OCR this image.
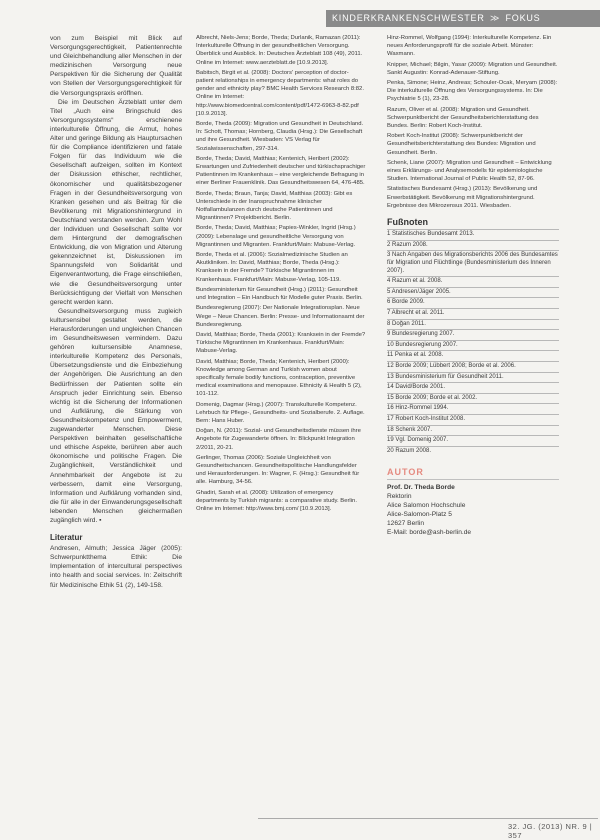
KINDERKRANKENSCHWESTER ≫ FOKUS

von zum Beispiel mit Blick auf Versorgungsgerechtigkeit, Patientenrechte und Gleichbehandlung aller Menschen in der medizinischen Versorgung neue Perspektiven für die Sicherung der Qualität von Stellen der Versorgungsgerechtigkeit für die Versorgungspraxis eröffnen.

Die im Deutschen Ärzteblatt unter dem Titel „Auch eine Bringschuld des Versorgungssystems“ erschienene interkulturelle Öffnung, die Armut, hohes Alter und geringe Bildung als Hauptursachen für die Compliance identifizieren und fatale Folgen für das Individuum wie die Gesellschaft aufzeigen, sollten im Kontext der Diskussion ethischer, rechtlicher, ökonomischer und qualitätsbezogener Fragen in der Gesundheitsversorgung von Kranken gesehen und als Beitrag für die Bevölkerung mit Migrationshintergrund in Deutschland verstanden werden. Zum Wohl der Individuen und Gesellschaft sollte vor dem Hintergrund der demografischen Entwicklung, die von Migration und Alterung gekennzeichnet ist, Diskussionen im Spannungsfeld von Solidarität und Eigenverantwortung, die Frage einschließen, wie die Gesundheitsversorgung unter Berücksichtigung der Vielfalt von Menschen gerecht werden kann.

Gesundheitsversorgung muss zugleich kultursensibel gestaltet werden, die Herausforderungen und ungleichen Chancen im Gesundheitswesen vermindern. Dazu gehören kultursensible Anamnese, interkulturelle Kompetenz des Personals, Übersetzungsdienste und die Einbeziehung der Angehörigen. Die Ausrichtung an den Bedürfnissen der Patienten sollte ein Anspruch jeder Einrichtung sein. Ebenso wichtig ist die Sicherung der Informationen und Aufklärung, die Stärkung von Gesundheitskompetenz und Empowerment, zugewanderter Menschen. Diese Perspektiven beinhalten gesellschaftliche und ethische Aspekte, berühren aber auch ökonomische und politische Fragen. Die Zugänglichkeit, Verständlichkeit und Annehmbarkeit der Angebote ist zu verbessern, damit eine Versorgung, Information und Aufklärung vorhanden sind, die für alle in der Einwanderungsgesellschaft lebenden Menschen gleichermaßen zugänglich wird. ▪

Literatur
Andresen, Almuth; Jessica Jäger (2005): Schwerpunktthema Ethik: Die Implementation of intercultural perspectives into health and social services. In: Zeitschrift für Medizinische Ethik 51 (2), 149-158.
Albrecht, Niels-Jens; Borde, Theda; Durlanik, Ramazan (2011): Interkulturelle Öffnung in der gesundheitlichen Versorgung. Überblick und Ausblick. In: Deutsches Ärzteblatt 108 (49), 2011. Online im Internet: www.aerzteblatt.de [10.9.2013].
Babitsch, Birgit et al. (2008): Doctors' perception of doctor-patient relationships in emergency departments: what roles do gender and ethnicity play? BMC Health Services Research 8:82. Online im Internet: http://www.biomedcentral.com/content/pdf/1472-6963-8-82.pdf [10.9.2013].
Borde, Theda (2009): Migration und Gesundheit in Deutschland. In: Schott, Thomas; Hornberg, Claudia (Hrsg.): Die Gesellschaft und ihre Gesundheit. Wiesbaden: VS Verlag für Sozialwissenschaften, 297-314.
Borde, Theda; David, Matthias; Kentenich, Heribert (2002): Erwartungen und Zufriedenheit deutscher und türkischsprachiger Patientinnen im Krankenhaus – eine vergleichende Befragung in einer Berliner Frauenklinik. Das Gesundheitswesen 64, 476-485.
Borde, Theda; Braun, Tanja; David, Matthias (2003): Gibt es Unterschiede in der Inanspruchnahme klinischer Notfallambulanzen durch deutsche Patientinnen und Migrantinnen? Projektbericht. Berlin.
Borde, Theda; David, Matthias; Papies-Winkler, Ingrid (Hrsg.) (2009): Lebenslage und gesundheitliche Versorgung von Migrantinnen und Migranten. Frankfurt/Main: Mabuse-Verlag.
Borde, Theda et al. (2006): Sozialmedizinische Studien an Akutkliniken. In: David, Matthias; Borde, Theda (Hrsg.): Kranksein in der Fremde? Türkische Migrantinnen im Krankenhaus. Frankfurt/Main: Mabuse-Verlag, 105-119.
Bundesministerium für Gesundheit (Hrsg.) (2011): Gesundheit und Integration – Ein Handbuch für Modelle guter Praxis. Berlin.
Bundesregierung (2007): Der Nationale Integrationsplan. Neue Wege – Neue Chancen. Berlin: Presse- und Informationsamt der Bundesregierung.
David, Matthias; Borde, Theda (2001): Kranksein in der Fremde? Türkische Migrantinnen im Krankenhaus. Frankfurt/Main: Mabuse-Verlag.
David, Matthias; Borde, Theda; Kentenich, Heribert (2000): Knowledge among German and Turkish women about specifically female bodily functions, contraception, preventive medical examinations and menopause. Ethnicity & Health 5 (2), 101-112.
Domenig, Dagmar (Hrsg.) (2007): Transkulturelle Kompetenz. Lehrbuch für Pflege-, Gesundheits- und Sozialberufe. 2. Auflage. Bern: Hans Huber.
Doğan, N. (2011): Sozial- und Gesundheitsdienste müssen ihre Angebote für Zugewanderte öffnen. In: Blickpunkt Integration 2/2011, 20-21.
Gerlinger, Thomas (2006): Soziale Ungleichheit von Gesundheitschancen. Gesundheitspolitische Handlungsfelder und Herausforderungen. In: Wagner, F. (Hrsg.): Gesundheit für alle. Hamburg, 34-56.
Ghadiri, Sarah et al. (2008): Utilization of emergency departments by Turkish migrants: a comparative study. Berlin. Online im Internet: http://www.bmj.com/ [10.9.2013].
Hinz-Rommel, Wolfgang (1994): Interkulturelle Kompetenz. Ein neues Anforderungsprofil für die soziale Arbeit. Münster: Waxmann.
Knipper, Michael; Bilgin, Yasar (2009): Migration und Gesundheit. Sankt Augustin: Konrad-Adenauer-Stiftung.
Penka, Simone; Heinz, Andreas; Schouler-Ocak, Meryam (2008): Die interkulturelle Öffnung des Versorgungssystems. In: Die Psychiatrie 5 (1), 23-28.
Razum, Oliver et al. (2008): Migration und Gesundheit. Schwerpunktbericht der Gesundheitsberichterstattung des Bundes. Berlin: Robert Koch-Institut.
Robert Koch-Institut (2008): Schwerpunktbericht der Gesundheitsberichterstattung des Bundes: Migration und Gesundheit. Berlin.
Schenk, Liane (2007): Migration und Gesundheit – Entwicklung eines Erklärungs- und Analysemodells für epidemiologische Studien. International Journal of Public Health 52, 87-96.
Statistisches Bundesamt (Hrsg.) (2013): Bevölkerung und Erwerbstätigkeit. Bevölkerung mit Migrationshintergrund. Ergebnisse des Mikrozensus 2011. Wiesbaden.
Fußnoten
1 Statistisches Bundesamt 2013.
2 Razum 2008.
3 Nach Angaben des Migrationsberichts 2006 des Bundesamtes für Migration und Flüchtlinge (Bundesministerium des Inneren 2007).
4 Razum et al. 2008.
5 Andresen/Jäger 2005.
6 Borde 2009.
7 Albrecht et al. 2011.
8 Doğan 2011.
9 Bundesregierung 2007.
10 Bundesregierung 2007.
11 Penka et al. 2008.
12 Borde 2009; Lübbert 2008; Borde et al. 2006.
13 Bundesministerium für Gesundheit 2011.
14 David/Borde 2001.
15 Borde 2009; Borde et al. 2002.
16 Hinz-Rommel 1994.
17 Robert Koch-Institut 2008.
18 Schenk 2007.
19 Vgl. Domenig 2007.
20 Razum 2008.
AUTOR
Prof. Dr. Theda Borde
Rektorin
Alice Salomon Hochschule
Alice-Salomon-Platz 5
12627 Berlin
E-Mail: borde@ash-berlin.de
32. JG. (2013) NR. 9 | 357
